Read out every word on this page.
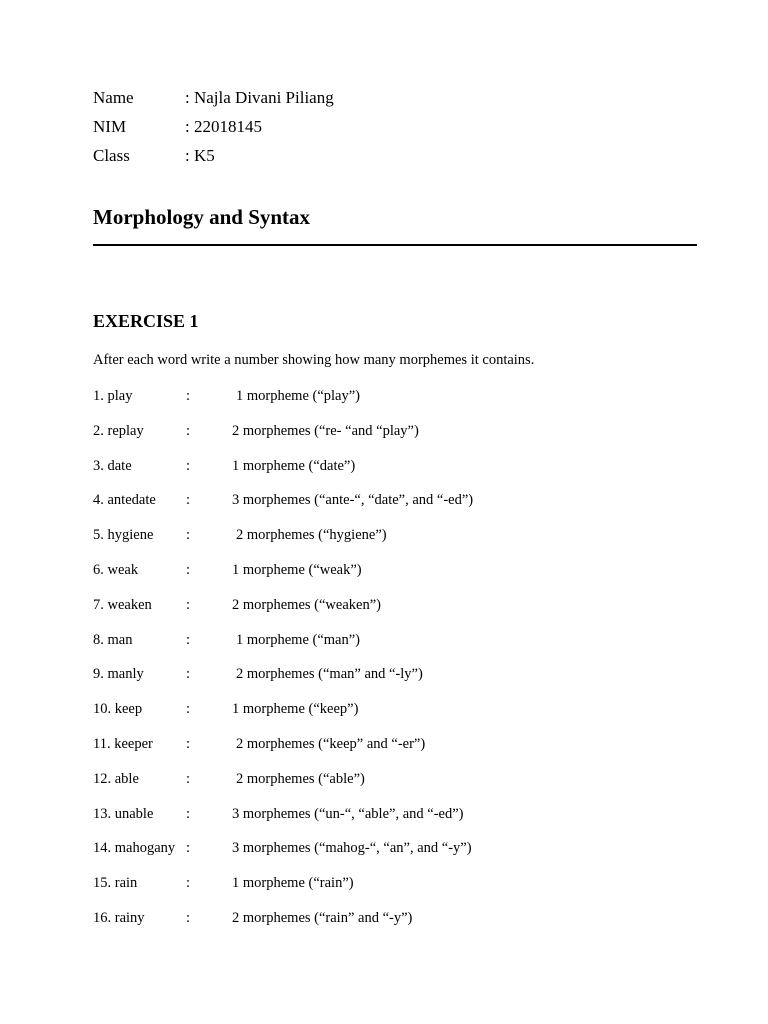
Name	: Najla Divani Piliang
NIM	: 22018145
Class	: K5
Morphology and Syntax
EXERCISE 1
After each word write a number showing how many morphemes it contains.
1. play	:	1 morpheme (“play”)
2. replay	:	2 morphemes (“re- “and “play”)
3. date	:	1 morpheme (“date”)
4. antedate :	3 morphemes (“ante-“, “date”, and “-ed”)
5. hygiene :	2 morphemes (“hygiene”)
6. weak	:	1 morpheme (“weak”)
7. weaken :	2 morphemes (“weaken”)
8. man	:	1 morpheme (“man”)
9. manly	:	2 morphemes (“man” and “-ly”)
10. keep	:	1 morpheme (“keep”)
11. keeper :	2 morphemes (“keep” and “-er”)
12. able	:	2 morphemes (“able”)
13. unable :	3 morphemes (“un-“, “able”, and “-ed”)
14. mahogany :	3 morphemes (“mahog-“, “an”, and “-y”)
15. rain	:	1 morpheme (“rain”)
16. rainy	:	2 morphemes (“rain” and “-y”)
